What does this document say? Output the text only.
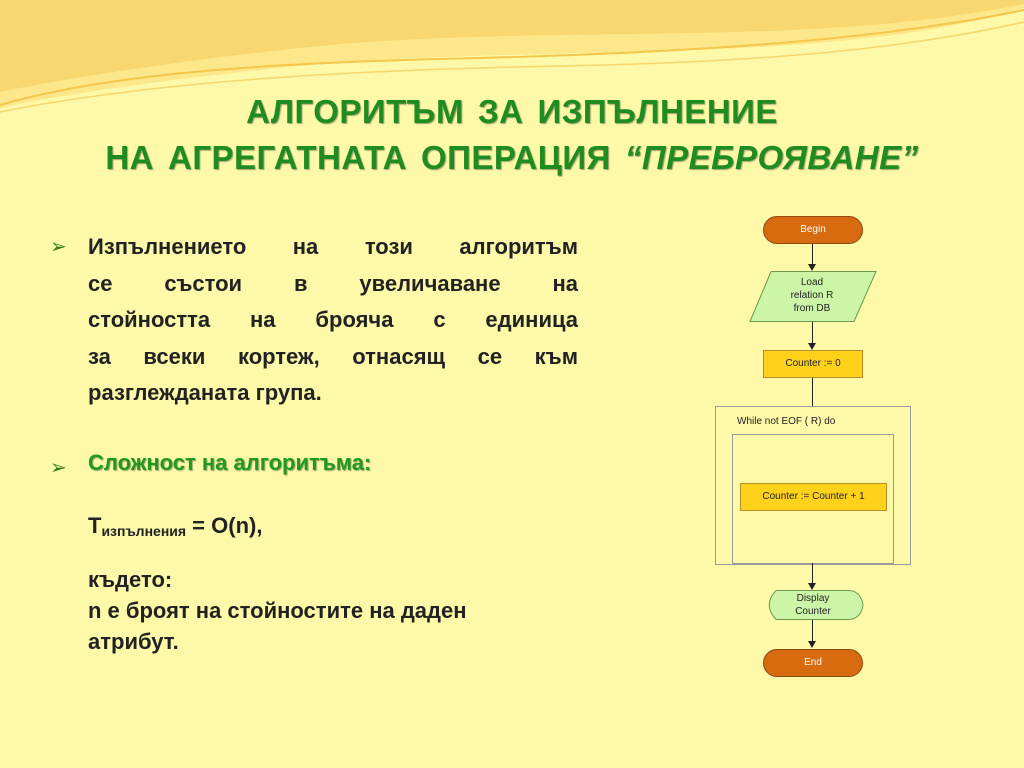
АЛГОРИТЪМ ЗА ИЗПЪЛНЕНИЕ
НА АГРЕГАТНАТА ОПЕРАЦИЯ “ПРЕБРОЯВАНЕ”
➢ Изпълнението на този алгоритъм
се състои в увеличаване на
стойността на брояча с единица
за всеки кортеж, отнасящ се към
разглежданата група.
➢ Сложност на алгоритъма:
$Т_{изпълнения} = O(n)$,
където:
n е броят на стойностите на даден
атрибут.
Begin
Load
relation R
from DB
Counter := 0
While not EOF ( R) do
Counter := Counter + 1
Display
Counter
End
